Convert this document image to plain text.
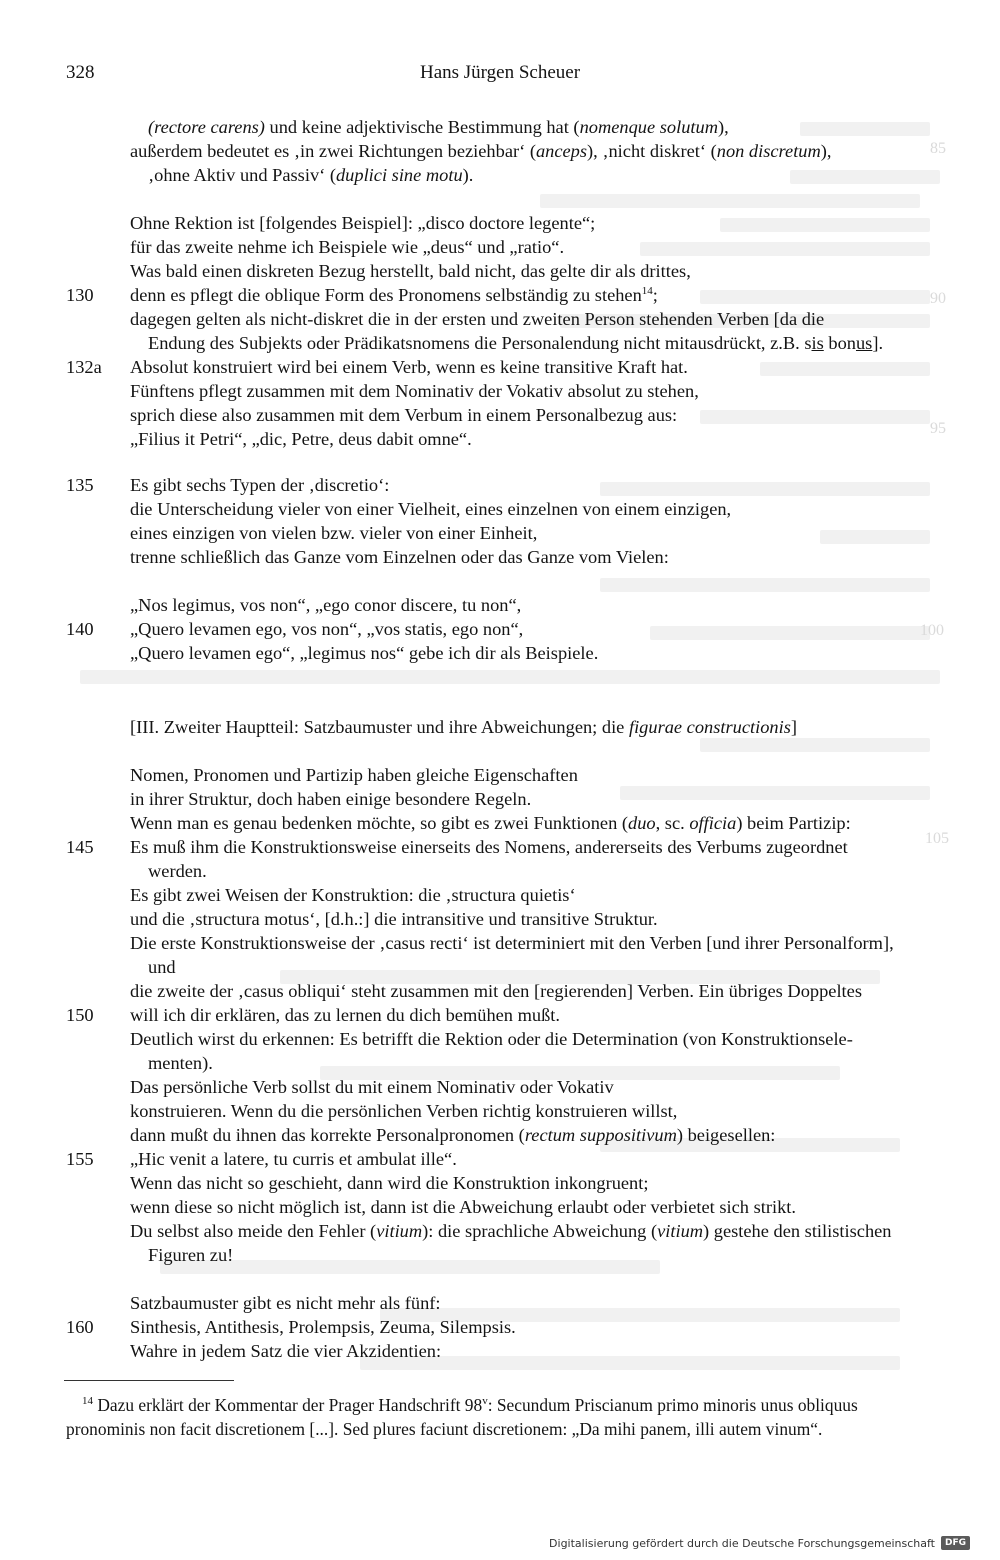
85
90
95
100
105
328	Hans Jürgen Scheuer
(rectore carens) und keine adjektivische Bestimmung hat (nomenque solutum),
außerdem bedeutet es ‚in zwei Richtungen beziehbar‘ (anceps), ‚nicht diskret‘ (non discretum),
‚ohne Aktiv und Passiv‘ (duplici sine motu).
Ohne Rektion ist [folgendes Beispiel]: „disco doctore legente“;
für das zweite nehme ich Beispiele wie „deus“ und „ratio“.
Was bald einen diskreten Bezug herstellt, bald nicht, das gelte dir als drittes,
130 denn es pflegt die oblique Form des Pronomens selbständig zu stehen$^{14}$;
dagegen gelten als nicht-diskret die in der ersten und zweiten Person stehenden Verben [da die
Endung des Subjekts oder Prädikatsnomens die Personalendung nicht mitausdrückt, z.B. sis bonus].
132a Absolut konstruiert wird bei einem Verb, wenn es keine transitive Kraft hat.
Fünftens pflegt zusammen mit dem Nominativ der Vokativ absolut zu stehen,
sprich diese also zusammen mit dem Verbum in einem Personalbezug aus:
„Filius it Petri“, „dic, Petre, deus dabit omne“.
135 Es gibt sechs Typen der ‚discretio‘:
die Unterscheidung vieler von einer Vielheit, eines einzelnen von einem einzigen,
eines einzigen von vielen bzw. vieler von einer Einheit,
trenne schließlich das Ganze vom Einzelnen oder das Ganze vom Vielen:
„Nos legimus, vos non“, „ego conor discere, tu non“,
140 „Quero levamen ego, vos non“, „vos statis, ego non“,
„Quero levamen ego“, „legimus nos“ gebe ich dir als Beispiele.
[III. Zweiter Hauptteil: Satzbaumuster und ihre Abweichungen; die figurae constructionis]
Nomen, Pronomen und Partizip haben gleiche Eigenschaften
in ihrer Struktur, doch haben einige besondere Regeln.
Wenn man es genau bedenken möchte, so gibt es zwei Funktionen (duo, sc. officia) beim Partizip:
145 Es muß ihm die Konstruktionsweise einerseits des Nomens, andererseits des Verbums zugeordnet
werden.
Es gibt zwei Weisen der Konstruktion: die ‚structura quietis‘
und die ‚structura motus‘, [d.h.:] die intransitive und transitive Struktur.
Die erste Konstruktionsweise der ‚casus recti‘ ist determiniert mit den Verben [und ihrer Personalform],
und
die zweite der ‚casus obliqui‘ steht zusammen mit den [regierenden] Verben. Ein übriges Doppeltes
150 will ich dir erklären, das zu lernen du dich bemühen mußt.
Deutlich wirst du erkennen: Es betrifft die Rektion oder die Determination (von Konstruktionsele-
menten).
Das persönliche Verb sollst du mit einem Nominativ oder Vokativ
konstruieren. Wenn du die persönlichen Verben richtig konstruieren willst,
dann mußt du ihnen das korrekte Personalpronomen (rectum suppositivum) beigesellen:
155 „Hic venit a latere, tu curris et ambulat ille“.
Wenn das nicht so geschieht, dann wird die Konstruktion inkongruent;
wenn diese so nicht möglich ist, dann ist die Abweichung erlaubt oder verbietet sich strikt.
Du selbst also meide den Fehler (vitium): die sprachliche Abweichung (vitium) gestehe den stilistischen
Figuren zu!
Satzbaumuster gibt es nicht mehr als fünf:
160 Sinthesis, Antithesis, Prolempsis, Zeuma, Silempsis.
Wahre in jedem Satz die vier Akzidentien:
$^{14}$ Dazu erklärt der Kommentar der Prager Handschrift 98$^v$: Secundum Priscianum primo minoris unus obliquus
pronominis non facit discretionem [...]. Sed plures faciunt discretionem: „Da mihi panem, illi autem vinum“.
Digitalisierung gefördert durch die Deutsche Forschungsgemeinschaft	DFG
